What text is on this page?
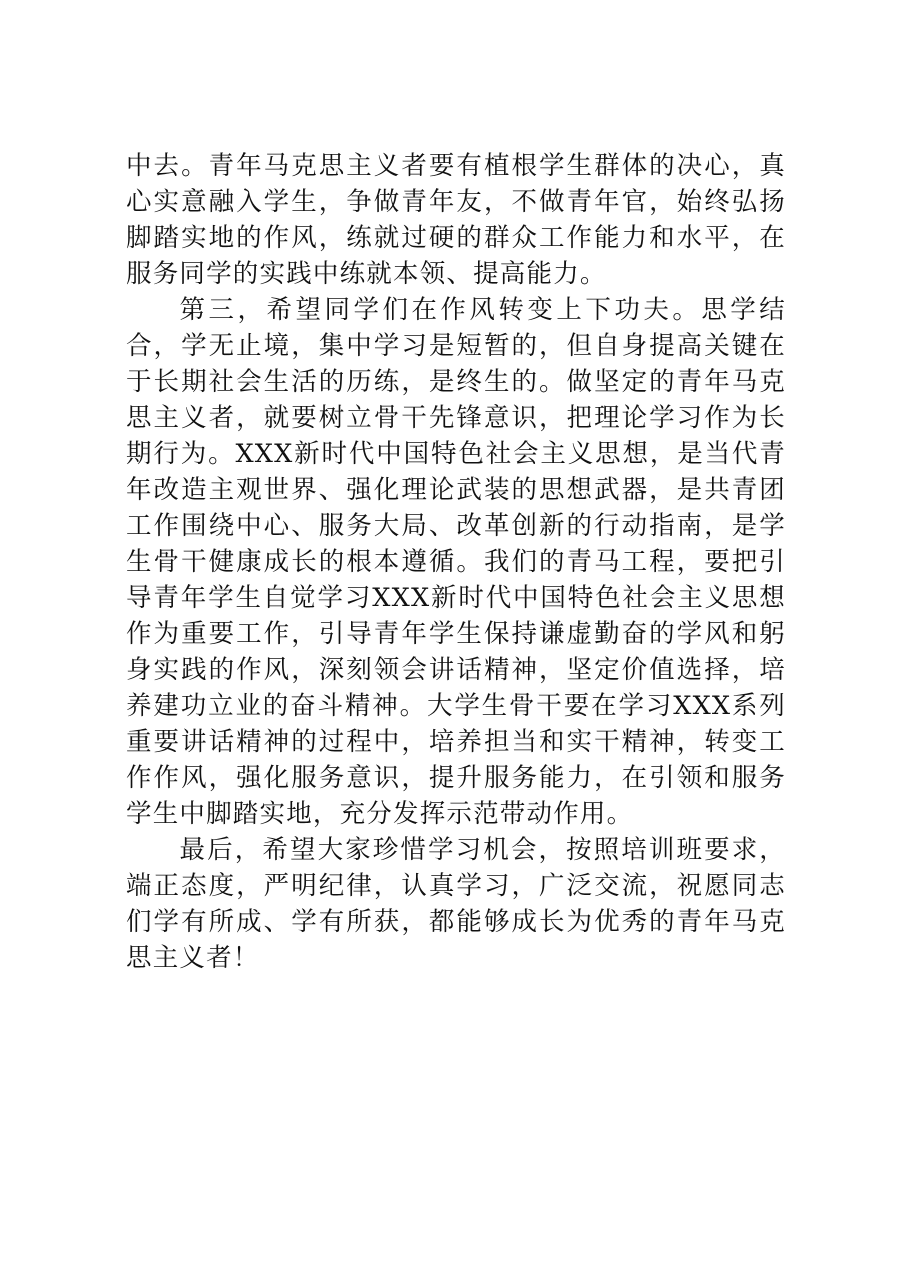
中去。青年马克思主义者要有植根学生群体的决心，真心实意融入学生，争做青年友，不做青年官，始终弘扬脚踏实地的作风，练就过硬的群众工作能力和水平，在服务同学的实践中练就本领、提高能力。

第三，希望同学们在作风转变上下功夫。思学结合，学无止境，集中学习是短暂的，但自身提高关键在于长期社会生活的历练，是终生的。做坚定的青年马克思主义者，就要树立骨干先锋意识，把理论学习作为长期行为。XXX新时代中国特色社会主义思想，是当代青年改造主观世界、强化理论武装的思想武器，是共青团工作围绕中心、服务大局、改革创新的行动指南，是学生骨干健康成长的根本遵循。我们的青马工程，要把引导青年学生自觉学习XXX新时代中国特色社会主义思想作为重要工作，引导青年学生保持谦虚勤奋的学风和躬身实践的作风，深刻领会讲话精神，坚定价值选择，培养建功立业的奋斗精神。大学生骨干要在学习XXX系列重要讲话精神的过程中，培养担当和实干精神，转变工作作风，强化服务意识，提升服务能力，在引领和服务学生中脚踏实地，充分发挥示范带动作用。

最后，希望大家珍惜学习机会，按照培训班要求，端正态度，严明纪律，认真学习，广泛交流，祝愿同志们学有所成、学有所获，都能够成长为优秀的青年马克思主义者！
